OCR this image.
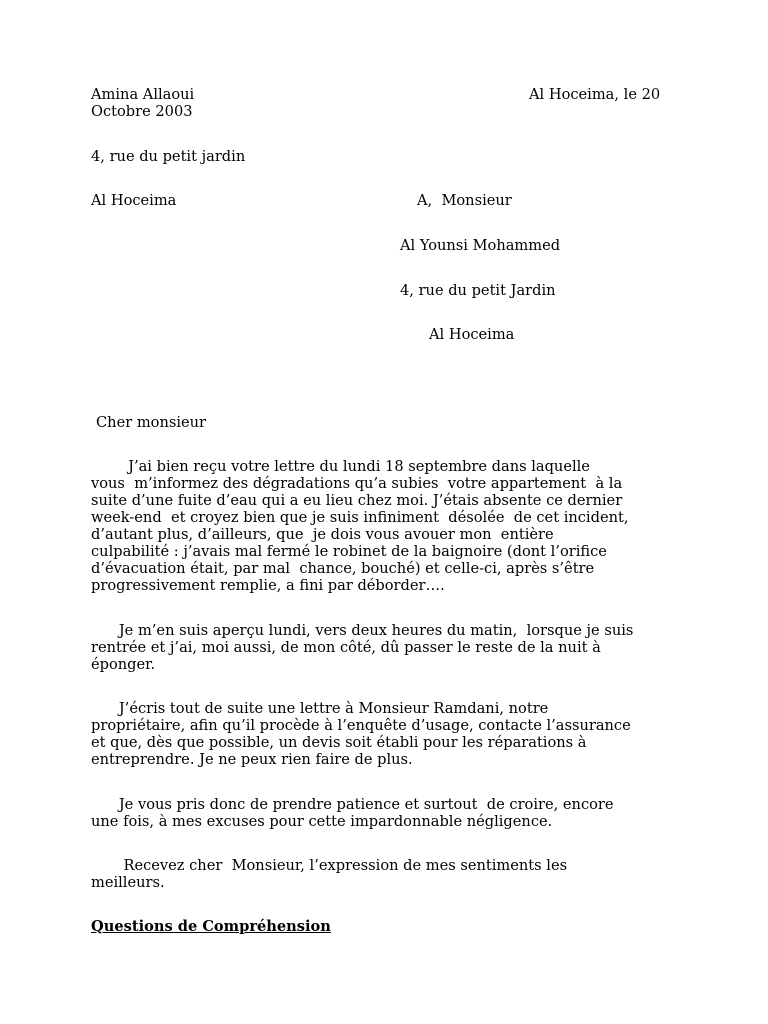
Amina Allaoui	Al Hoceima, le 20
Octobre 2003
4, rue du petit jardin
Al Hoceima	A,  Monsieur
Al Younsi Mohammed
4, rue du petit Jardin
Al Hoceima
Cher monsieur
J’ai bien reçu votre lettre du lundi 18 septembre dans laquelle
vous  m’informez des dégradations qu’a subies  votre appartement  à la
suite d’une fuite d’eau qui a eu lieu chez moi. J’étais absente ce dernier
week-end  et croyez bien que je suis infiniment  désolée  de cet incident,
d’autant plus, d’ailleurs, que  je dois vous avouer mon  entière
culpabilité : j’avais mal fermé le robinet de la baignoire (dont l’orifice
d’évacuation était, par mal  chance, bouché) et celle-ci, après s’être
progressivement remplie, a fini par déborder….
Je m’en suis aperçu lundi, vers deux heures du matin,  lorsque je suis
rentrée et j’ai, moi aussi, de mon côté, dû passer le reste de la nuit à
éponger.
J’écris tout de suite une lettre à Monsieur Ramdani, notre
propriétaire, afin qu’il procède à l’enquête d’usage, contacte l’assurance
et que, dès que possible, un devis soit établi pour les réparations à
entreprendre. Je ne peux rien faire de plus.
Je vous pris donc de prendre patience et surtout  de croire, encore
une fois, à mes excuses pour cette impardonnable négligence.
Recevez cher  Monsieur, l’expression de mes sentiments les
meilleurs.
Questions de Compréhension
